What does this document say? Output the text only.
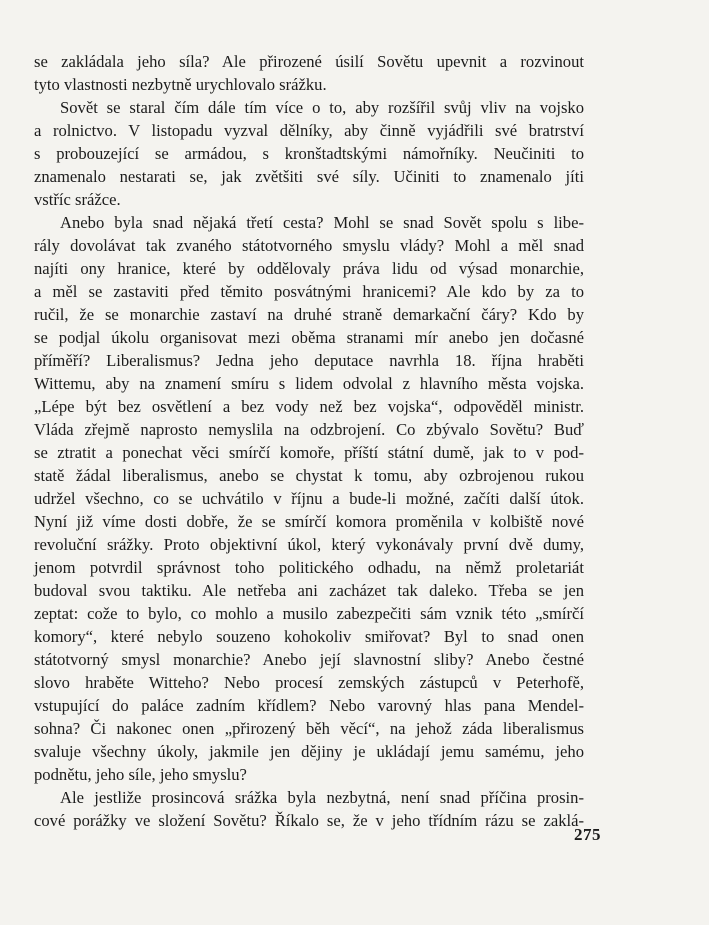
se zakládala jeho síla? Ale přirozené úsilí Sovětu upevnit a rozvinout
tyto vlastnosti nezbytně urychlovalo srážku.
Sovět se staral čím dále tím více o to, aby rozšířil svůj vliv na vojsko
a rolnictvo. V listopadu vyzval dělníky, aby činně vyjádřili své bratrství
s probouzející se armádou, s kronštadtskými námořníky. Neučiniti to
znamenalo nestarati se, jak zvětšiti své síly. Učiniti to znamenalo jíti
vstříc srážce.
Anebo byla snad nějaká třetí cesta? Mohl se snad Sovět spolu s libe-
rály dovolávat tak zvaného státotvorného smyslu vlády? Mohl a měl snad
najíti ony hranice, které by oddělovaly práva lidu od výsad monarchie,
a měl se zastaviti před těmito posvátnými hranicemi? Ale kdo by za to
ručil, že se monarchie zastaví na druhé straně demarkační čáry? Kdo by
se podjal úkolu organisovat mezi oběma stranami mír anebo jen dočasné
příměří? Liberalismus? Jedna jeho deputace navrhla 18. října hraběti
Wittemu, aby na znamení smíru s lidem odvolal z hlavního města vojska.
„Lépe být bez osvětlení a bez vody než bez vojska“, odpověděl ministr.
Vláda zřejmě naprosto nemyslila na odzbrojení. Co zbývalo Sovětu? Buď
se ztratit a ponechat věci smírčí komoře, příští státní dumě, jak to v pod-
statě žádal liberalismus, anebo se chystat k tomu, aby ozbrojenou rukou
udržel všechno, co se uchvátilo v říjnu a bude-li možné, začíti další útok.
Nyní již víme dosti dobře, že se smírčí komora proměnila v kolbiště nové
revoluční srážky. Proto objektivní úkol, který vykonávaly první dvě dumy,
jenom potvrdil správnost toho politického odhadu, na němž proletariát
budoval svou taktiku. Ale netřeba ani zacházet tak daleko. Třeba se jen
zeptat: cože to bylo, co mohlo a musilo zabezpečiti sám vznik této „smírčí
komory“, které nebylo souzeno kohokoliv smiřovat? Byl to snad onen
státotvorný smysl monarchie? Anebo její slavnostní sliby? Anebo čestné
slovo hraběte Witteho? Nebo procesí zemských zástupců v Peterhofě,
vstupující do paláce zadním křídlem? Nebo varovný hlas pana Mendel-
sohna? Či nakonec onen „přirozený běh věcí“, na jehož záda liberalismus
svaluje všechny úkoly, jakmile jen dějiny je ukládají jemu samému, jeho
podnětu, jeho síle, jeho smyslu?
Ale jestliže prosincová srážka byla nezbytná, není snad příčina prosin-
cové porážky ve složení Sovětu? Říkalo se, že v jeho třídním rázu se zaklá-
275
